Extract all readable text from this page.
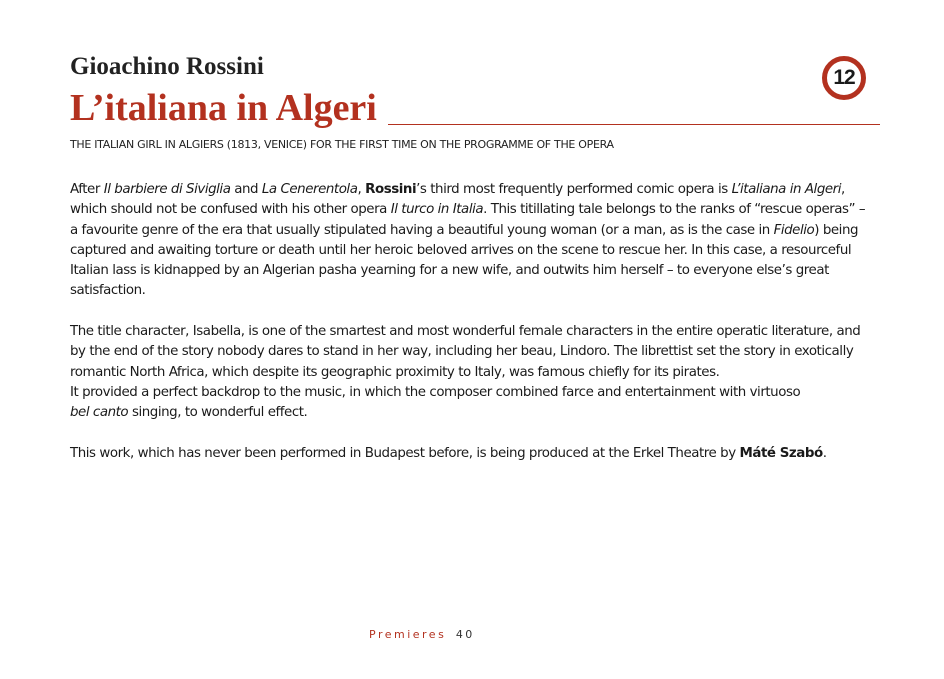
Gioachino Rossini
L’italiana in Algeri
12

THE ITALIAN GIRL IN ALGIERS (1813, VENICE) FOR THE FIRST TIME ON THE PROGRAMME OF THE OPERA

After Il barbiere di Siviglia and La Cenerentola, Rossini’s third most frequently performed comic opera is L’italiana in Algeri, which should not be confused with his other opera Il turco in Italia. This titillating tale belongs to the ranks of “rescue operas” – a favourite genre of the era that usually stipulated having a beautiful young woman (or a man, as is the case in Fidelio) being captured and awaiting torture or death until her heroic beloved arrives on the scene to rescue her. In this case, a resourceful Italian lass is kidnapped by an Algerian pasha yearning for a new wife, and outwits him herself – to everyone else’s great satisfaction.

The title character, Isabella, is one of the smartest and most wonderful female characters in the entire operatic literature, and by the end of the story nobody dares to stand in her way, including her beau, Lindoro. The librettist set the story in exotically romantic North Africa, which despite its geographic proximity to Italy, was famous chiefly for its pirates.
It provided a perfect backdrop to the music, in which the composer combined farce and entertainment with virtuoso
bel canto singing, to wonderful effect.

This work, which has never been performed in Budapest before, is being produced at the Erkel Theatre by Máté Szabó.

Premieres 40
